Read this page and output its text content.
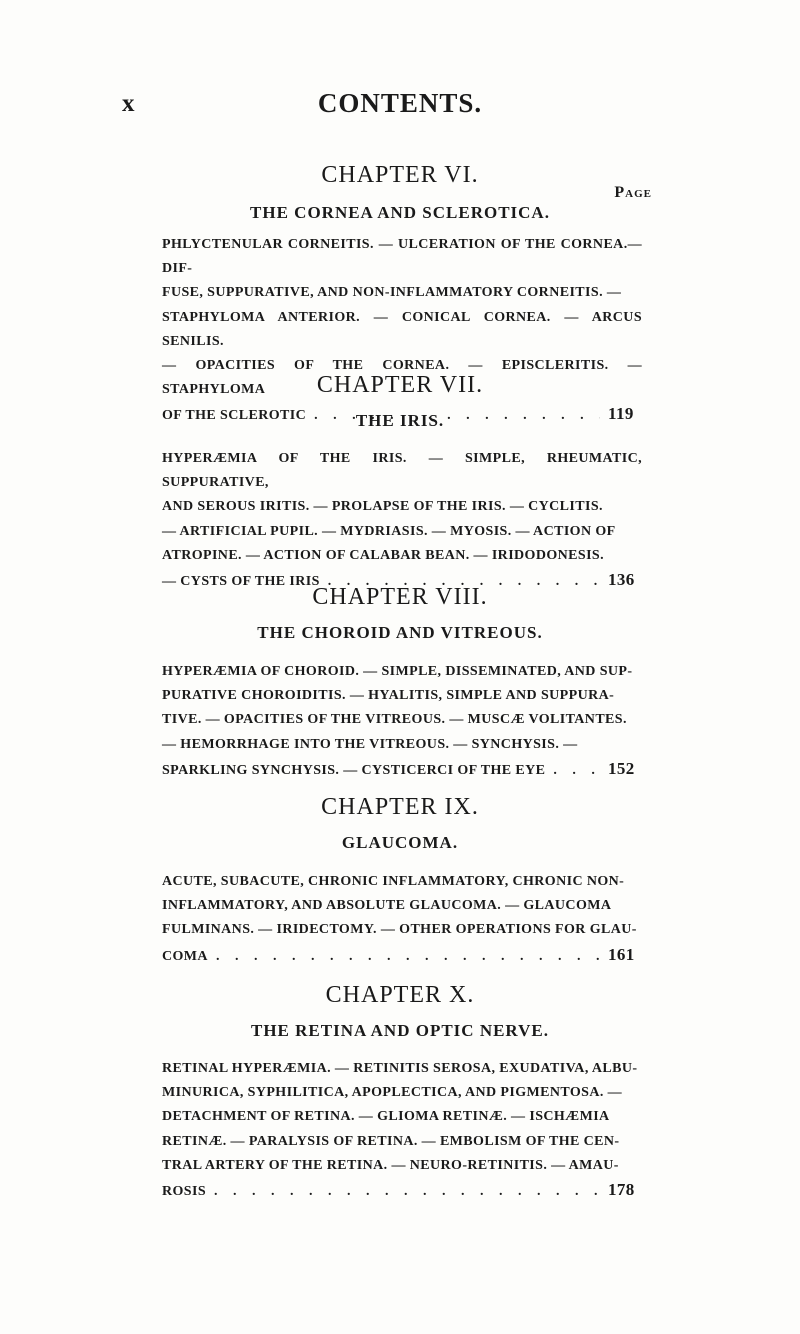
x	CONTENTS.

CHAPTER VI.

THE CORNEA AND SCLEROTICA.

Page
PHLYCTENULAR CORNEITIS. — ULCERATION OF THE CORNEA.—DIF-
FUSE, SUPPURATIVE, AND NON-INFLAMMATORY CORNEITIS. —
STAPHYLOMA ANTERIOR. — CONICAL CORNEA. — ARCUS SENILIS.
— OPACITIES OF THE CORNEA. — EPISCLERITIS. — STAPHYLOMA
OF THE SCLEROTIC . . .	119

CHAPTER VII.

THE IRIS.

HYPERÆMIA OF THE IRIS. — SIMPLE, RHEUMATIC, SUPPURATIVE,
AND SEROUS IRITIS. — PROLAPSE OF THE IRIS. — CYCLITIS.
— ARTIFICIAL PUPIL. — MYDRIASIS. — MYOSIS. — ACTION OF
ATROPINE. — ACTION OF CALABAR BEAN. — IRIDODONESIS.
— CYSTS OF THE IRIS . . .	136

CHAPTER VIII.

THE CHOROID AND VITREOUS.

HYPERÆMIA OF CHOROID. — SIMPLE, DISSEMINATED, AND SUP-
PURATIVE CHOROIDITIS. — HYALITIS, SIMPLE AND SUPPURA-
TIVE. — OPACITIES OF THE VITREOUS. — MUSCÆ VOLITANTES.
— HEMORRHAGE INTO THE VITREOUS. — SYNCHYSIS. —
SPARKLING SYNCHYSIS. — CYSTICERCI OF THE EYE . . .	152

CHAPTER IX.

GLAUCOMA.

ACUTE, SUBACUTE, CHRONIC INFLAMMATORY, CHRONIC NON-
INFLAMMATORY, AND ABSOLUTE GLAUCOMA. — GLAUCOMA
FULMINANS. — IRIDECTOMY. — OTHER OPERATIONS FOR GLAU-
COMA . . .	161

CHAPTER X.

THE RETINA AND OPTIC NERVE.

RETINAL HYPERÆMIA. — RETINITIS SEROSA, EXUDATIVA, ALBU-
MINURICA, SYPHILITICA, APOPLECTICA, AND PIGMENTOSA. —
DETACHMENT OF RETINA. — GLIOMA RETINÆ. — ISCHÆMIA
RETINÆ. — PARALYSIS OF RETINA. — EMBOLISM OF THE CEN-
TRAL ARTERY OF THE RETINA. — NEURO-RETINITIS. — AMAU-
ROSIS . . .	178
